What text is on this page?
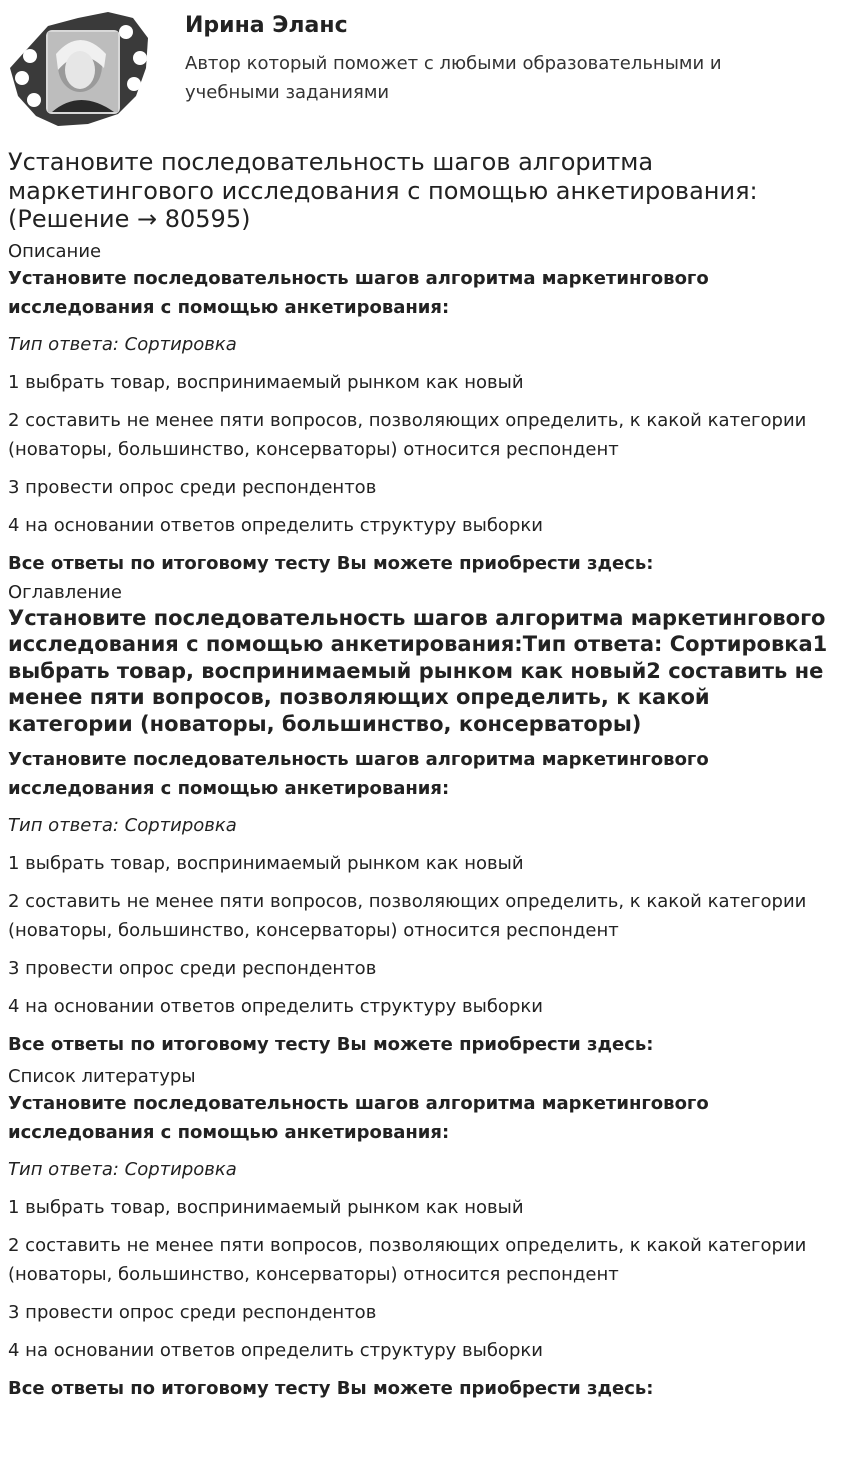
Ирина Эланс
Автор который поможет с любыми образовательными и учебными заданиями
Установите последовательность шагов алгоритма маркетингового исследования с помощью анкетирования: (Решение → 80595)
Описание

Установите последовательность шагов алгоритма маркетингового исследования с помощью анкетирования:

Тип ответа: Сортировка

1 выбрать товар, воспринимаемый рынком как новый

2 составить не менее пяти вопросов, позволяющих определить, к какой категории (новаторы, большинство, консерваторы) относится респондент

3 провести опрос среди респондентов

4 на основании ответов определить структуру выборки

Все ответы по итоговому тесту Вы можете приобрести здесь:

Оглавление
Установите последовательность шагов алгоритма маркетингового исследования с помощью анкетирования:Тип ответа: Сортировка1 выбрать товар, воспринимаемый рынком как новый2 составить не менее пяти вопросов, позволяющих определить, к какой категории (новаторы, большинство, консерваторы)

Установите последовательность шагов алгоритма маркетингового исследования с помощью анкетирования:

Тип ответа: Сортировка

1 выбрать товар, воспринимаемый рынком как новый

2 составить не менее пяти вопросов, позволяющих определить, к какой категории (новаторы, большинство, консерваторы) относится респондент

3 провести опрос среди респондентов

4 на основании ответов определить структуру выборки

Все ответы по итоговому тесту Вы можете приобрести здесь:

Список литературы

Установите последовательность шагов алгоритма маркетингового исследования с помощью анкетирования:

Тип ответа: Сортировка

1 выбрать товар, воспринимаемый рынком как новый

2 составить не менее пяти вопросов, позволяющих определить, к какой категории (новаторы, большинство, консерваторы) относится респондент

3 провести опрос среди респондентов

4 на основании ответов определить структуру выборки

Все ответы по итоговому тесту Вы можете приобрести здесь:
